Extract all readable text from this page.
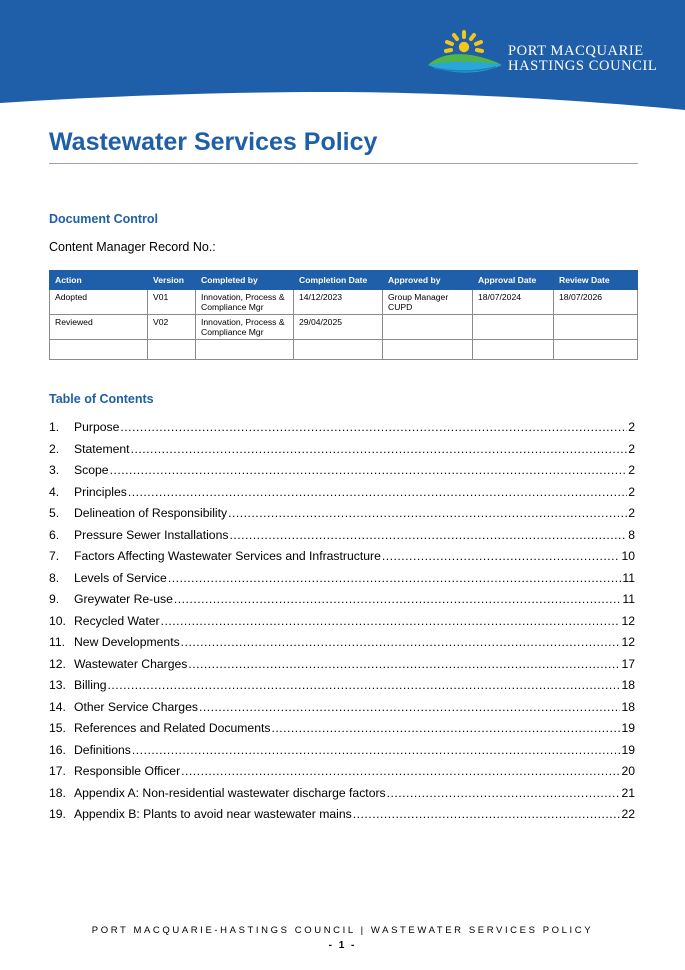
PORT MACQUARIE
HASTINGS COUNCIL
Wastewater Services Policy
Document Control
Content Manager Record No.:
Action	Version	Completed by	Completion Date	Approved by	Approval Date	Review Date
Adopted	V01	Innovation, Process & Compliance Mgr	14/12/2023	Group Manager CUPD	18/07/2024	18/07/2026
Reviewed	V02	Innovation, Process & Compliance Mgr	29/04/2025			

Table of Contents
1.	Purpose .....	2
2.	Statement .....	2
3.	Scope .....	2
4.	Principles .....	2
5.	Delineation of Responsibility .....	2
6.	Pressure Sewer Installations .....	8
7.	Factors Affecting Wastewater Services and Infrastructure .....	10
8.	Levels of Service .....	11
9.	Greywater Re-use .....	11
10. Recycled Water .....	12
11. New Developments .....	12
12. Wastewater Charges .....	17
13. Billing .....	18
14. Other Service Charges .....	18
15. References and Related Documents .....	19
16. Definitions .....	19
17. Responsible Officer .....	20
18. Appendix A: Non-residential wastewater discharge factors .....	21
19. Appendix B: Plants to avoid near wastewater mains .....	22
PORT MACQUARIE-HASTINGS COUNCIL | WASTEWATER SERVICES POLICY
- 1 -
